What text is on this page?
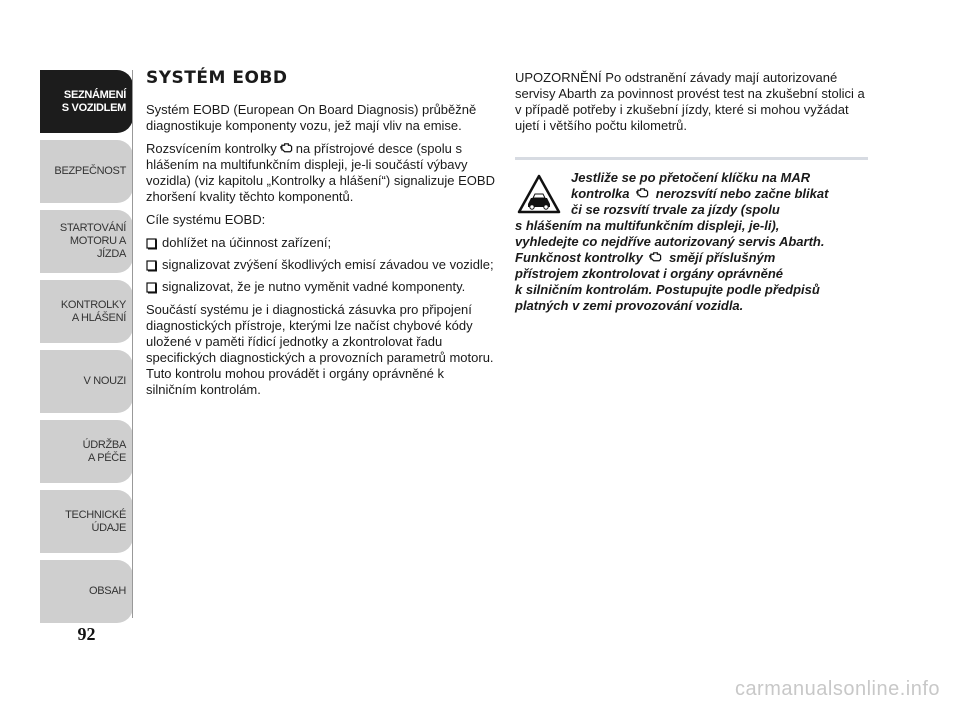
SEZNÁMENÍ
S VOZIDLEM
BEZPEČNOST
STARTOVÁNÍ
MOTORU A JÍZDA
KONTROLKY
A HLÁŠENÍ
V NOUZI
ÚDRŽBA
A PÉČE
TECHNICKÉ
ÚDAJE
OBSAH
92
SYSTÉM EOBD

Systém EOBD (European On Board Diagnosis) průběžně diagnostikuje komponenty vozu, jež mají vliv na emise.

Rozsvícením kontrolky na přístrojové desce (spolu s hlášením na multifunkčním displeji, je-li součástí výbavy vozidla) (viz kapitolu „Kontrolky a hlášení“) signalizuje EOBD zhoršení kvality těchto komponentů.

Cíle systému EOBD:

dohlížet na účinnost zařízení;
signalizovat zvýšení škodlivých emisí závadou ve vozidle;
signalizovat, že je nutno vyměnit vadné komponenty.

Součástí systému je i diagnostická zásuvka pro připojení diagnostických přístroje, kterými lze načíst chybové kódy uložené v paměti řídicí jednotky a zkontrolovat řadu specifických diagnostických a provozních parametrů motoru. Tuto kontrolu mohou provádět i orgány oprávněné k silničním kontrolám.

UPOZORNĚNÍ Po odstranění závady mají autorizované servisy Abarth za povinnost provést test na zkušební stolici a v případě potřeby i zkušební jízdy, které si mohou vyžádat ujetí i většího počtu kilometrů.

Jestliže se po přetočení klíčku na MAR
kontrolka nerozsvítí nebo začne blikat
či se rozsvítí trvale za jízdy (spolu
s hlášením na multifunkčním displeji, je-li),
vyhledejte co nejdříve autorizovaný servis Abarth.
Funkčnost kontrolky smějí příslušným
přístrojem zkontrolovat i orgány oprávněné
k silničním kontrolám. Postupujte podle předpisů
platných v zemi provozování vozidla.
carmanualsonline.info
